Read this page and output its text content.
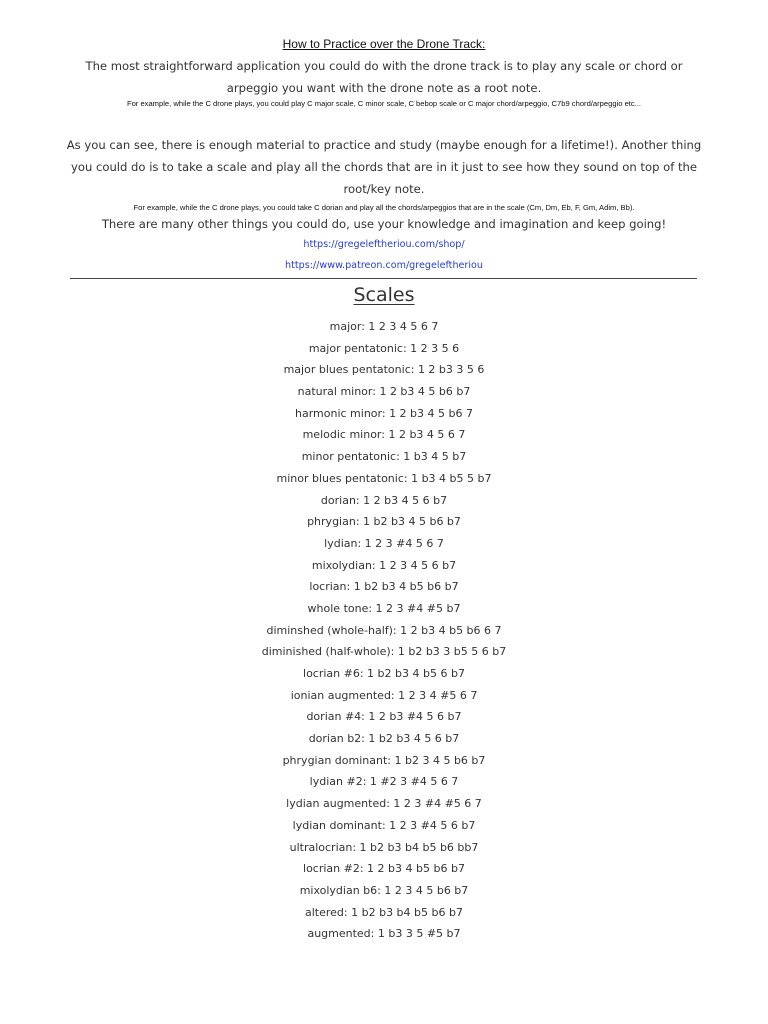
How to Practice over the Drone Track:
The most straightforward application you could do with the drone track is to play any scale or chord or arpeggio you want with the drone note as a root note.
For example, while the C drone plays, you could play C major scale, C minor scale, C bebop scale or C major chord/arpeggio, C7b9 chord/arpeggio etc...
As you can see, there is enough material to practice and study (maybe enough for a lifetime!). Another thing you could do is to take a scale and play all the chords that are in it just to see how they sound on top of the root/key note.
For example, while the C drone plays, you could take C dorian and play all the chords/arpeggios that are in the scale (Cm, Dm, Eb, F, Gm, Adim, Bb).
There are many other things you could do, use your knowledge and imagination and keep going!
https://gregeleftheriou.com/shop/
https://www.patreon.com/gregeleftheriou
Scales
major: 1 2 3 4 5 6 7
major pentatonic: 1 2 3 5 6
major blues pentatonic: 1 2 b3 3 5 6
natural minor: 1 2 b3 4 5 b6 b7
harmonic minor: 1 2 b3 4 5 b6 7
melodic minor: 1 2 b3 4 5 6 7
minor pentatonic: 1 b3 4 5 b7
minor blues pentatonic: 1 b3 4 b5 5 b7
dorian: 1 2 b3 4 5 6 b7
phrygian: 1 b2 b3 4 5 b6 b7
lydian: 1 2 3 #4 5 6 7
mixolydian: 1 2 3 4 5 6 b7
locrian: 1 b2 b3 4 b5 b6 b7
whole tone: 1 2 3 #4 #5 b7
diminshed (whole-half): 1 2 b3 4 b5 b6 6 7
diminished (half-whole): 1 b2 b3 3 b5 5 6 b7
locrian #6: 1 b2 b3 4 b5 6 b7
ionian augmented: 1 2 3 4 #5 6 7
dorian #4: 1 2 b3 #4 5 6 b7
dorian b2: 1 b2 b3 4 5 6 b7
phrygian dominant: 1 b2 3 4 5 b6 b7
lydian #2: 1 #2 3 #4 5 6 7
lydian augmented: 1 2 3 #4 #5 6 7
lydian dominant: 1 2 3 #4 5 6 b7
ultralocrian: 1 b2 b3 b4 b5 b6 bb7
locrian #2: 1 2 b3 4 b5 b6 b7
mixolydian b6: 1 2 3 4 5 b6 b7
altered: 1 b2 b3 b4 b5 b6 b7
augmented: 1 b3 3 5 #5 b7
